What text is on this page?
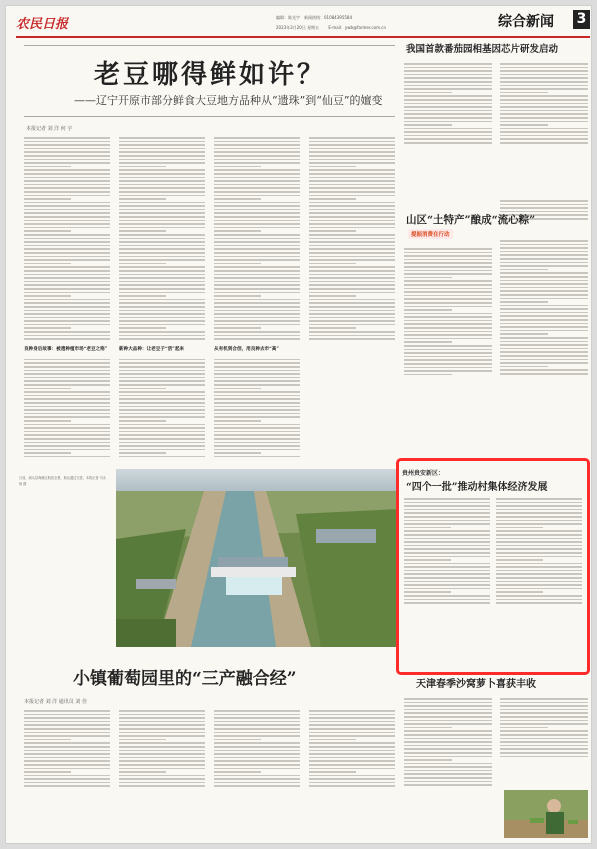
农民日报	编辑：陈光宇　新闻热线：01084395584
2023年3月20日 星期五 E-mail：ywb@farmer.com.cn	综合新闻 3
老豆哪得鲜如许？
——辽宁开原市部分鲜食大豆地方品种从“遗珠”到“仙豆”的嬗变
本报记者 刘 洋 何 宇
良种身后故事：被遗种植市场“老豆之殇”	新种大品种：让老豆子“活”起来	从有机到合创，用良种去市“高”
日前，洞头县海港区航拍全景，航运通过完善。本报记者 马永桢 摄
小镇葡萄园里的“三产融合经”
本报记者 刘 洋 通讯员 刘 佳
我国首款番茄园相基因芯片研发启动
山区“土特产”酿成“流心粽”
提振消费在行动
贵州贵安新区：
“四个一批”推动村集体经济发展
天津春季沙窝萝卜喜获丰收
